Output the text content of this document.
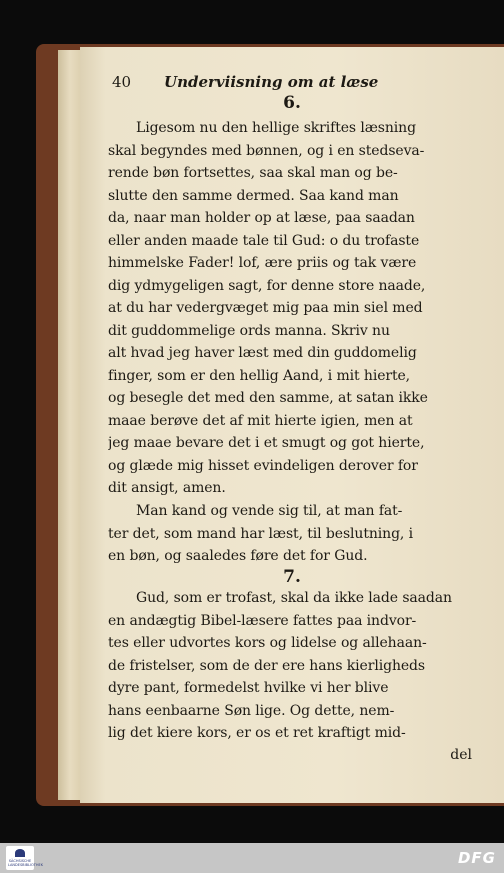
40 Underviisning om at læse
6.
Ligesom nu den hellige skriftes læsning
skal begyndes med bønnen, og i en stedseva-
rende bøn fortsettes, saa skal man og be-
slutte den samme dermed. Saa kand man
da, naar man holder op at læse, paa saadan
eller anden maade tale til Gud: o du trofaste
himmelske Fader! lof, ære priis og tak være
dig ydmygeligen sagt, for denne store naade,
at du har vedergvæget mig paa min siel med
dit guddommelige ords manna. Skriv nu
alt hvad jeg haver læst med din guddomelig
finger, som er den hellig Aand, i mit hierte,
og besegle det med den samme, at satan ikke
maae berøve det af mit hierte igien, men at
jeg maae bevare det i et smugt og got hierte,
og glæde mig hisset evindeligen derover for
dit ansigt, amen.
Man kand og vende sig til, at man fat-
ter det, som mand har læst, til beslutning, i
en bøn, og saaledes føre det for Gud.
7.
Gud, som er trofast, skal da ikke lade saadan
en andægtig Bibel-læsere fattes paa indvor-
tes eller udvortes kors og lidelse og allehaan-
de fristelser, som de der ere hans kierligheds
dyre pant, formedelst hvilke vi her blive
hans eenbaarne Søn lige. Og dette, nem-
lig det kiere kors, er os et ret kraftigt mid-
del
SÄCHSISCHE LANDESBIBLIOTHEK	DFG
